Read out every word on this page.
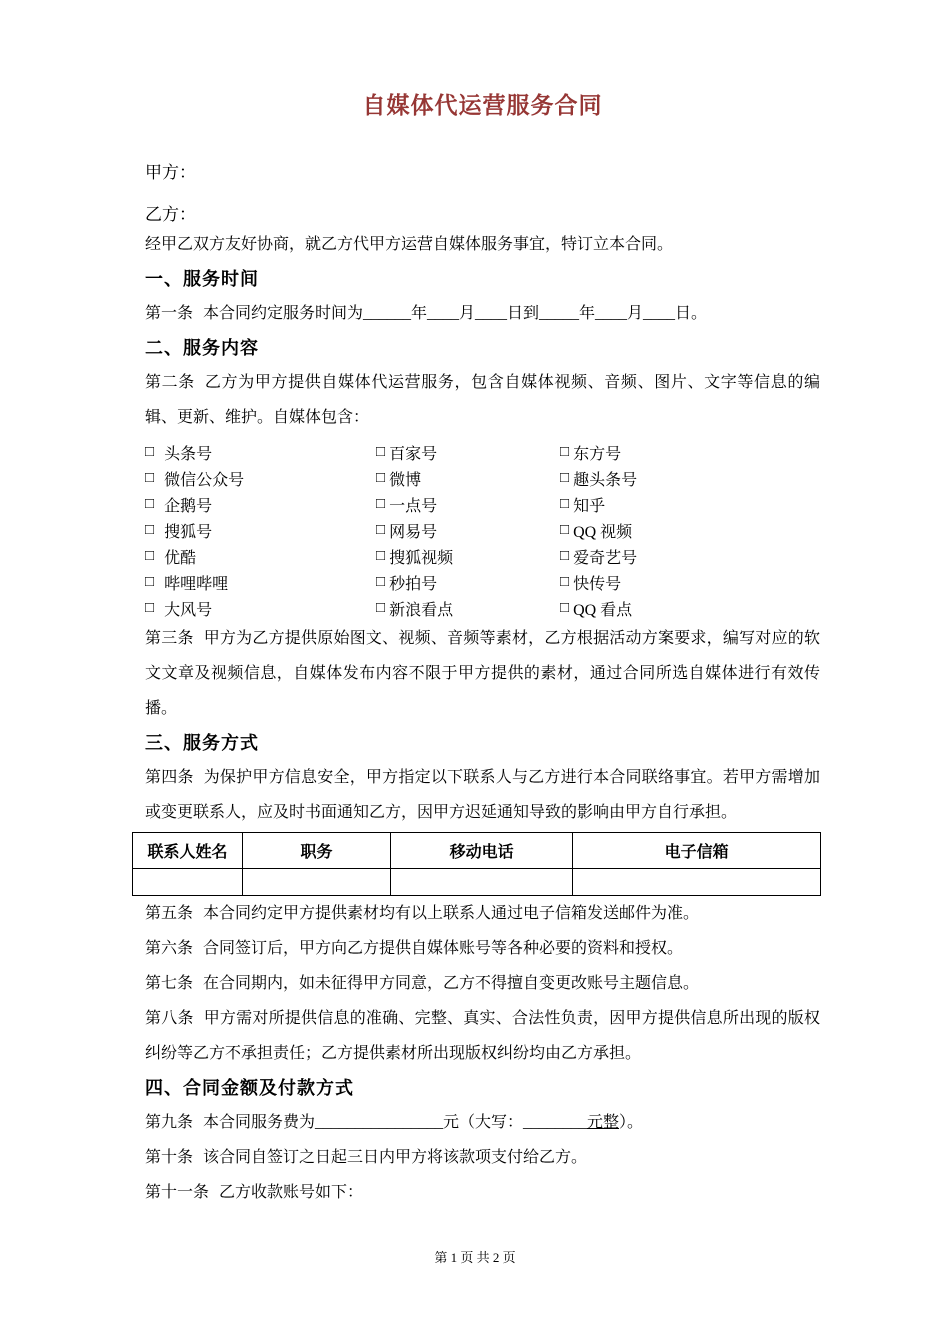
自媒体代运营服务合同

甲方：

乙方：

经甲乙双方友好协商，就乙方代甲方运营自媒体服务事宜，特订立本合同。

一、服务时间

第一条 本合同约定服务时间为______年____月____日到_____年____月____日。

二、服务内容

第二条 乙方为甲方提供自媒体代运营服务，包含自媒体视频、音频、图片、文字等信息的编辑、更新、维护。自媒体包含：

□ 头条号	□ 百家号	□ 东方号
□ 微信公众号	□ 微博	□ 趣头条号
□ 企鹅号	□ 一点号	□ 知乎
□ 搜狐号	□ 网易号	□ QQ 视频
□ 优酷	□ 搜狐视频	□ 爱奇艺号
□ 哔哩哔哩	□ 秒拍号	□ 快传号
□ 大风号	□ 新浪看点	□ QQ 看点

第三条 甲方为乙方提供原始图文、视频、音频等素材，乙方根据活动方案要求，编写对应的软文文章及视频信息，自媒体发布内容不限于甲方提供的素材，通过合同所选自媒体进行有效传播。

三、服务方式

第四条 为保护甲方信息安全，甲方指定以下联系人与乙方进行本合同联络事宜。若甲方需增加或变更联系人，应及时书面通知乙方，因甲方迟延通知导致的影响由甲方自行承担。

联系人姓名	职务	移动电话	电子信箱

第五条 本合同约定甲方提供素材均有以上联系人通过电子信箱发送邮件为准。

第六条 合同签订后，甲方向乙方提供自媒体账号等各种必要的资料和授权。

第七条 在合同期内，如未征得甲方同意，乙方不得擅自变更改账号主题信息。

第八条 甲方需对所提供信息的准确、完整、真实、合法性负责，因甲方提供信息所出现的版权纠纷等乙方不承担责任；乙方提供素材所出现版权纠纷均由乙方承担。

四、合同金额及付款方式

第九条 本合同服务费为________________元（大写：________元整）。

第十条 该合同自签订之日起三日内甲方将该款项支付给乙方。

第十一条 乙方收款账号如下：

第 1 页 共 2 页
